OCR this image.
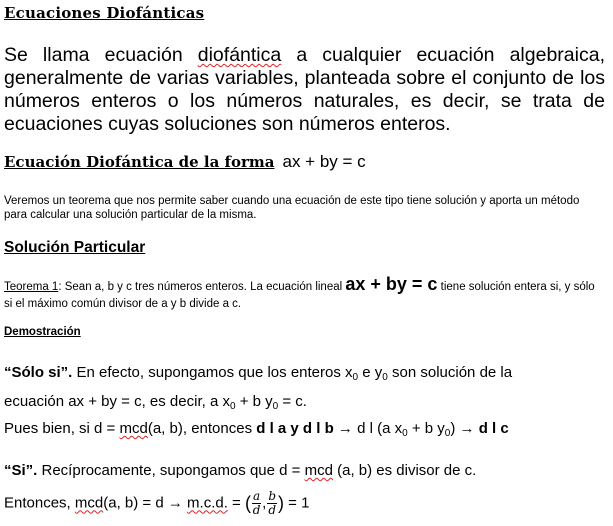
Ecuaciones Diofánticas
Se llama ecuación diofántica a cualquier ecuación algebraica, generalmente de varias variables, planteada sobre el conjunto de los números enteros o los números naturales, es decir, se trata de ecuaciones cuyas soluciones son números enteros.
Ecuación Diofántica de la forma ax + by = c
Veremos un teorema que nos permite saber cuando una ecuación de este tipo tiene solución y aporta un método para calcular una solución particular de la misma.
Solución Particular
Teorema 1: Sean a, b y c tres números enteros. La ecuación lineal ax + by = c tiene solución entera si, y sólo si el máximo común divisor de a y b divide a c.
Demostración
“Sólo si”. En efecto, supongamos que los enteros $x_0$ e $y_0$ son solución de la
ecuación ax + by = c, es decir, a $x_0 + b$ $y_0 = c$.
Pues bien, si d = mcd(a, b), entonces d l a y d l b → d l (a $x_0 + b$ $y_0) \to d$ l c
“Si”. Recíprocamente, supongamos que d = mcd (a, b) es divisor de c.
Entonces, mcd(a, b) = d → m.c.d. = ( $\frac{a}{d}$ , $\frac{b}{d}$ ) = 1
